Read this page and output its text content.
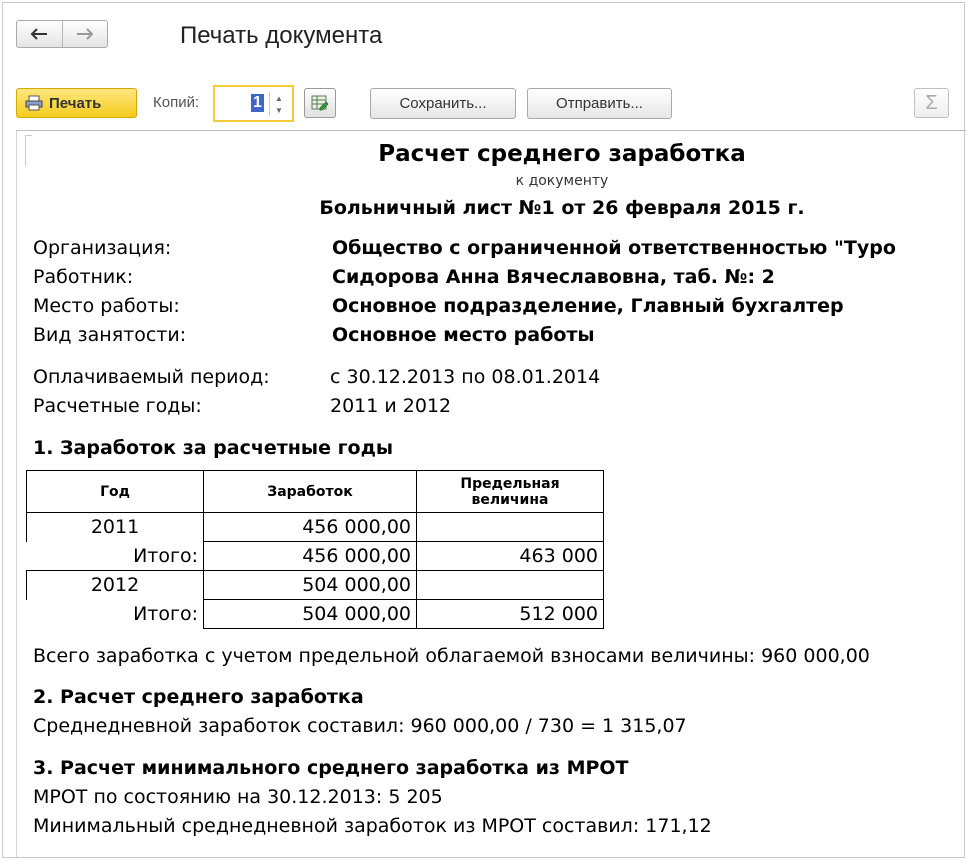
Печать документа
Печать	Копий:	1 ▲
▼	Сохранить...	Отправить...	Σ
Расчет среднего заработка
к документу
Больничный лист №1 от 26 февраля 2015 г.
Организация:	Общество с ограниченной ответственностью "Туро
Работник:	Сидорова Анна Вячеславовна, таб. №: 2
Место работы:	Основное подразделение, Главный бухгалтер
Вид занятости:	Основное место работы
Оплачиваемый период:	с 30.12.2013 по 08.01.2014
Расчетные годы:	2011 и 2012
1. Заработок за расчетные годы
Год	Заработок	Предельная величина
2011	456 000,00	
Итого:	456 000,00	463 000
2012	504 000,00	
Итого:	504 000,00	512 000
Всего заработка с учетом предельной облагаемой взносами величины: 960 000,00
2. Расчет среднего заработка
Среднедневной заработок составил: 960 000,00 / 730 = 1 315,07
3. Расчет минимального среднего заработка из МРОТ
МРОТ по состоянию на 30.12.2013: 5 205
Минимальный среднедневной заработок из МРОТ составил: 171,12
